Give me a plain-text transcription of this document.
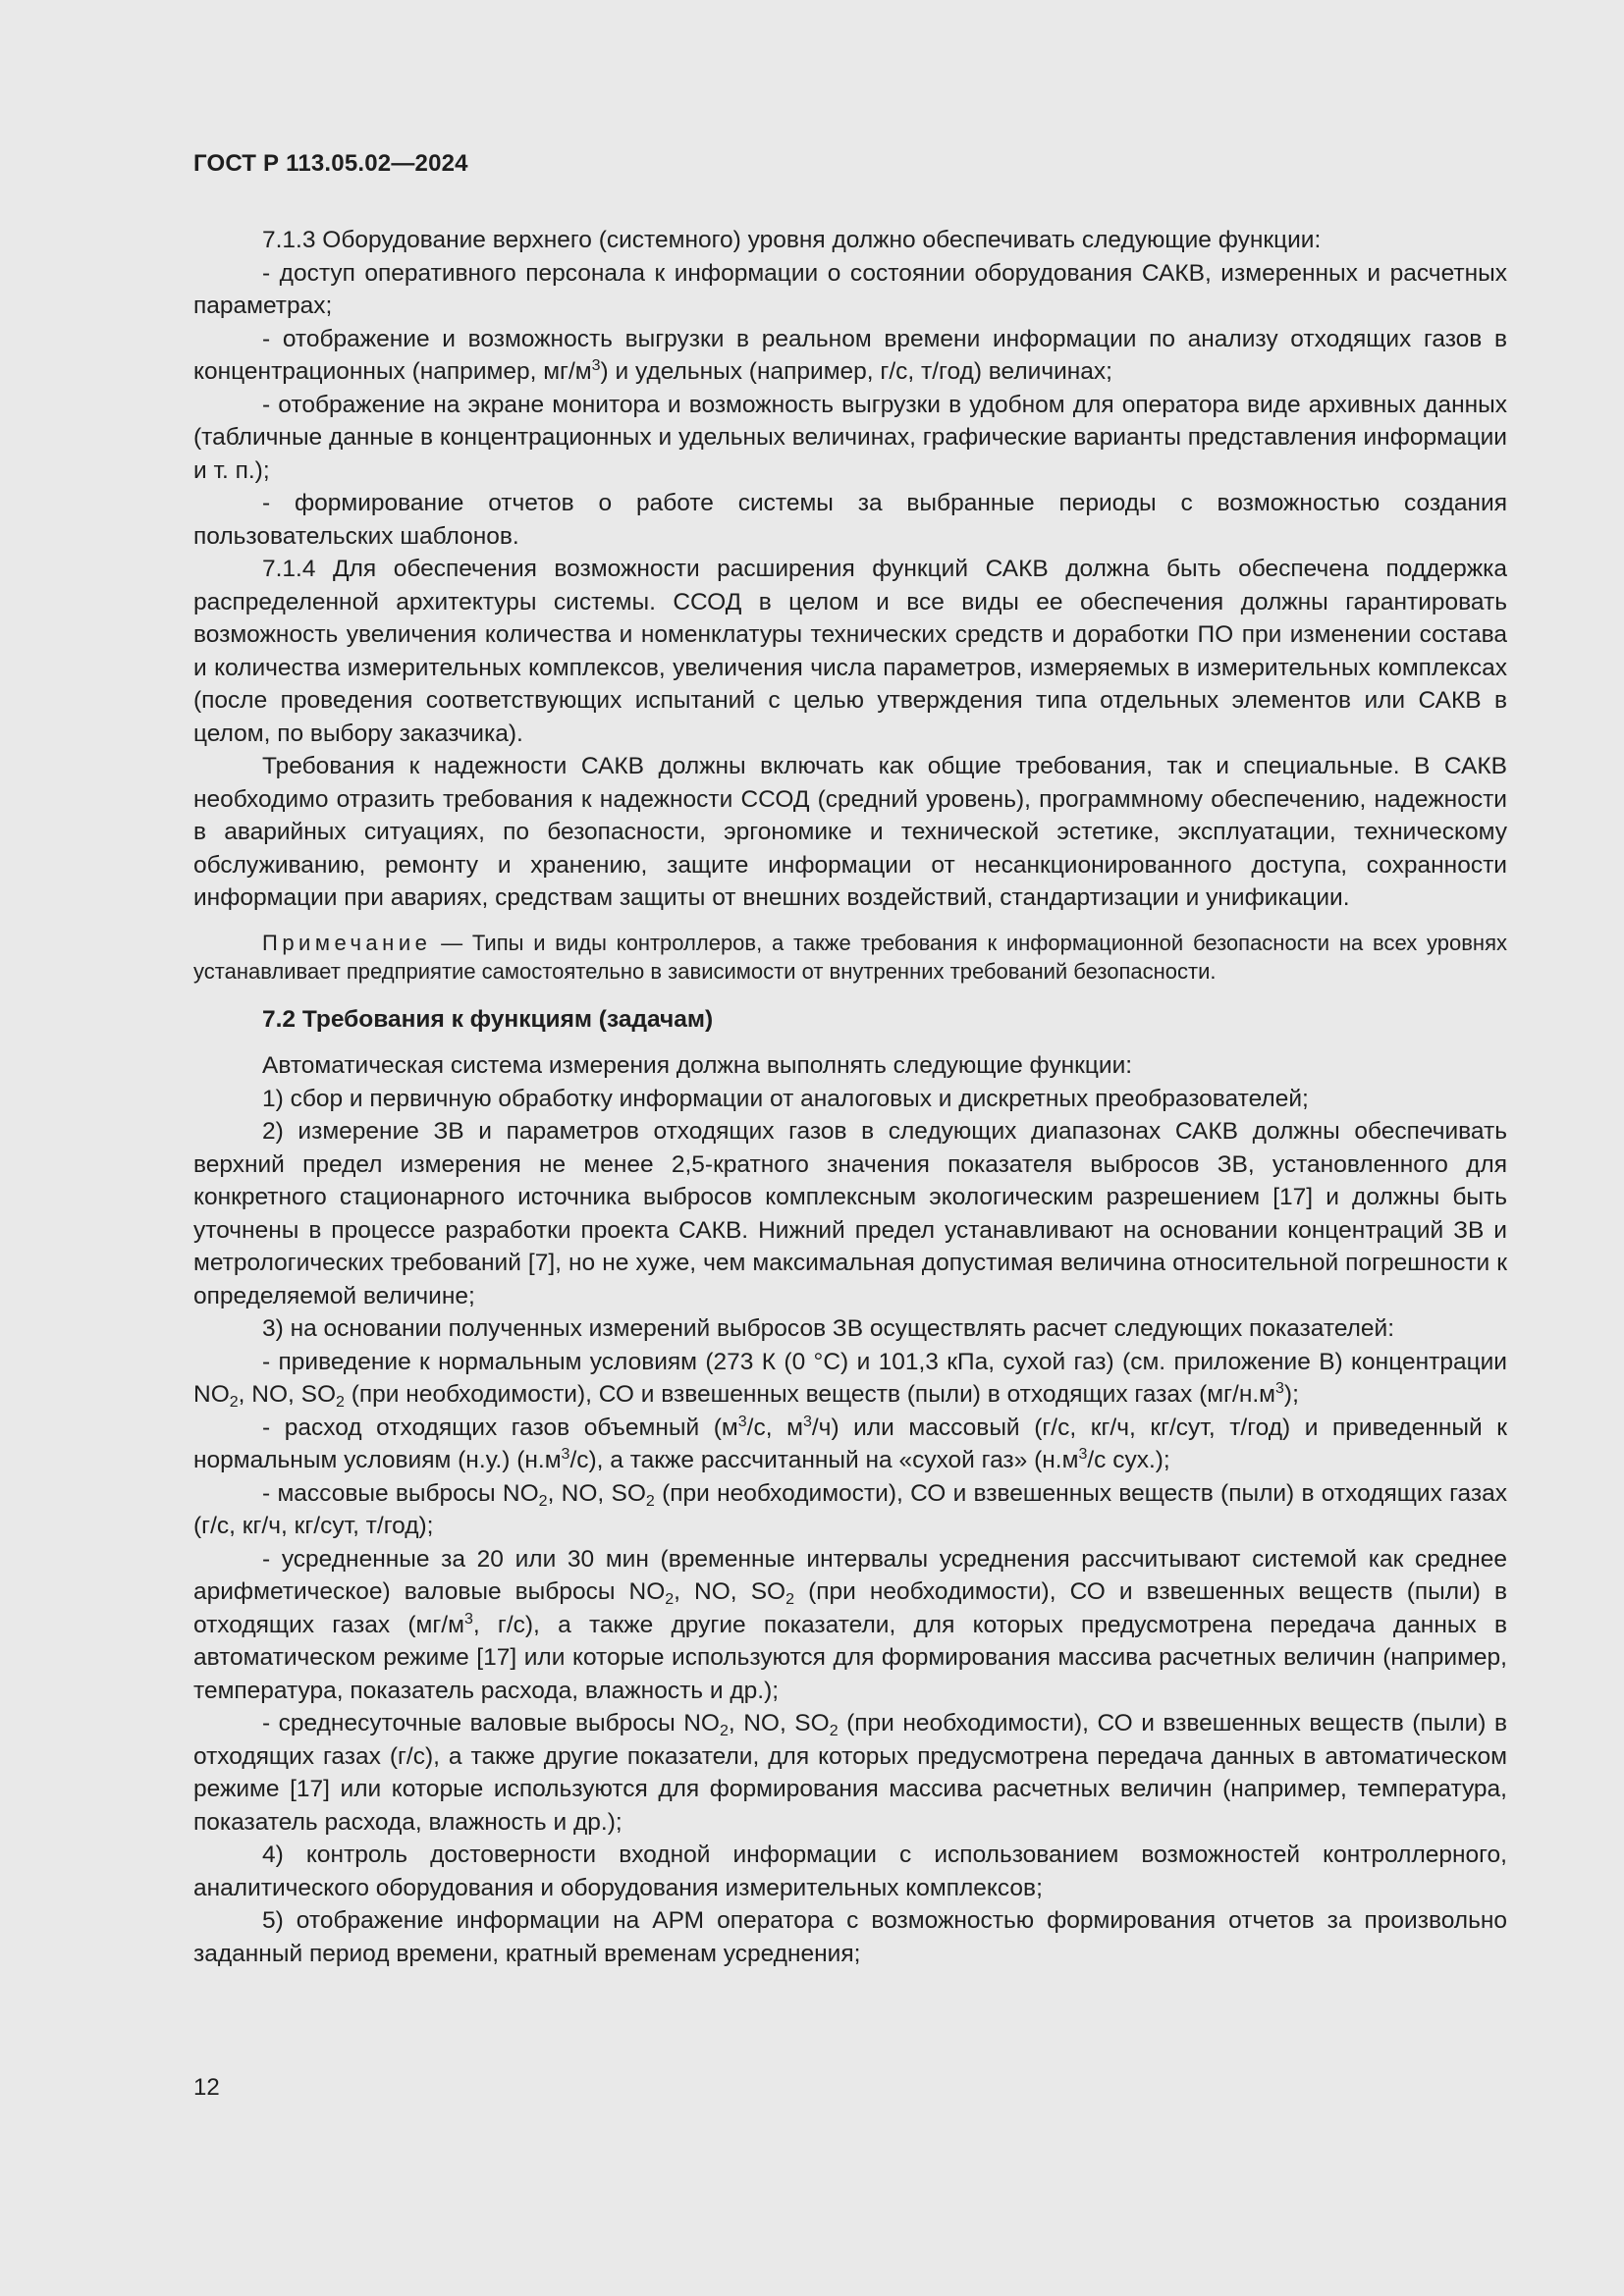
ГОСТ Р 113.05.02—2024

7.1.3 Оборудование верхнего (системного) уровня должно обеспечивать следующие функции:

- доступ оперативного персонала к информации о состоянии оборудования САКВ, измеренных и расчетных параметрах;

- отображение и возможность выгрузки в реальном времени информации по анализу отходящих газов в концентрационных (например, $мг/м^3$) и удельных (например, г/с, т/год) величинах;

- отображение на экране монитора и возможность выгрузки в удобном для оператора виде архивных данных (табличные данные в концентрационных и удельных величинах, графические варианты представления информации и т. п.);

- формирование отчетов о работе системы за выбранные периоды с возможностью создания пользовательских шаблонов.

7.1.4 Для обеспечения возможности расширения функций САКВ должна быть обеспечена поддержка распределенной архитектуры системы. ССОД в целом и все виды ее обеспечения должны гарантировать возможность увеличения количества и номенклатуры технических средств и доработки ПО при изменении состава и количества измерительных комплексов, увеличения числа параметров, измеряемых в измерительных комплексах (после проведения соответствующих испытаний с целью утверждения типа отдельных элементов или САКВ в целом, по выбору заказчика).

Требования к надежности САКВ должны включать как общие требования, так и специальные. В САКВ необходимо отразить требования к надежности ССОД (средний уровень), программному обеспечению, надежности в аварийных ситуациях, по безопасности, эргономике и технической эстетике, эксплуатации, техническому обслуживанию, ремонту и хранению, защите информации от несанкционированного доступа, сохранности информации при авариях, средствам защиты от внешних воздействий, стандартизации и унификации.

Примечание — Типы и виды контроллеров, а также требования к информационной безопасности на всех уровнях устанавливает предприятие самостоятельно в зависимости от внутренних требований безопасности.

7.2 Требования к функциям (задачам)

Автоматическая система измерения должна выполнять следующие функции:

1) сбор и первичную обработку информации от аналоговых и дискретных преобразователей;

2) измерение ЗВ и параметров отходящих газов в следующих диапазонах САКВ должны обеспечивать верхний предел измерения не менее 2,5-кратного значения показателя выбросов ЗВ, установленного для конкретного стационарного источника выбросов комплексным экологическим разрешением [17] и должны быть уточнены в процессе разработки проекта САКВ. Нижний предел устанавливают на основании концентраций ЗВ и метрологических требований [7], но не хуже, чем максимальная допустимая величина относительной погрешности к определяемой величине;

3) на основании полученных измерений выбросов ЗВ осуществлять расчет следующих показателей:

- приведение к нормальным условиям (273 К (0 °С) и 101,3 кПа, сухой газ) (см. приложение В) концентрации $NO_2$, NO, $SO_2$ (при необходимости), СО и взвешенных веществ (пыли) в отходящих газах $(мг/н.м^3)$;

- расход отходящих газов объемный ($м^3/с$, $м^3/ч$) или массовый (г/с, кг/ч, кг/сут, т/год) и приведенный к нормальным условиям (н.у.) $(н.м^3/с)$, а также рассчитанный на «сухой газ» ($н.м^3/с$ сух.);

- массовые выбросы $NO_2$, NO, $SO_2$ (при необходимости), СО и взвешенных веществ (пыли) в отходящих газах (г/с, кг/ч, кг/сут, т/год);

- усредненные за 20 или 30 мин (временные интервалы усреднения рассчитывают системой как среднее арифметическое) валовые выбросы $NO_2$, NO, $SO_2$ (при необходимости), СО и взвешенных веществ (пыли) в отходящих газах ($мг/м^3$, г/с), а также другие показатели, для которых предусмотрена передача данных в автоматическом режиме [17] или которые используются для формирования массива расчетных величин (например, температура, показатель расхода, влажность и др.);

- среднесуточные валовые выбросы $NO_2$, NO, $SO_2$ (при необходимости), СО и взвешенных веществ (пыли) в отходящих газах (г/с), а также другие показатели, для которых предусмотрена передача данных в автоматическом режиме [17] или которые используются для формирования массива расчетных величин (например, температура, показатель расхода, влажность и др.);

4) контроль достоверности входной информации с использованием возможностей контроллерного, аналитического оборудования и оборудования измерительных комплексов;

5) отображение информации на АРМ оператора с возможностью формирования отчетов за произвольно заданный период времени, кратный временам усреднения;

12
